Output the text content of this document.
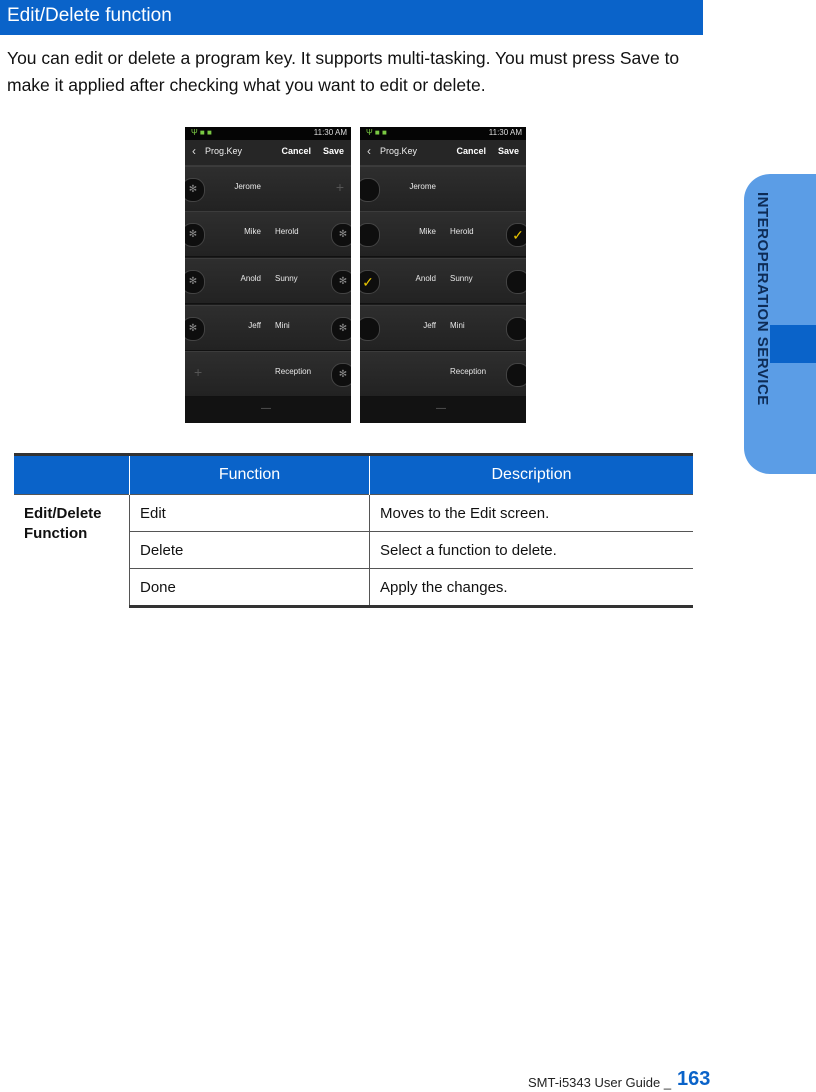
Edit/Delete function

You can edit or delete a program key. It supports multi-tasking. You must press Save to make it applied after checking what you want to edit or delete.

Ψ ■ ■	11:30 AM
‹ Prog.Key	Cancel Save
✻	Jerome	+
✻	Mike Herold	✻
✻	Anold Sunny	✻
✻	Jeff Mini	✻
+	Reception	✻
—
Ψ ■ ■	11:30 AM
‹ Prog.Key	Cancel Save
Jerome
Mike Herold	✓
✓	Anold Sunny
Jeff Mini
Reception
—
	Function	Description

Edit/Delete
Function	Edit	Moves to the Edit screen.
	Delete	Select a function to delete.
	Done	Apply the changes.
INTEROPERATION SERVICE
SMT-i5343 User Guide _ 163
